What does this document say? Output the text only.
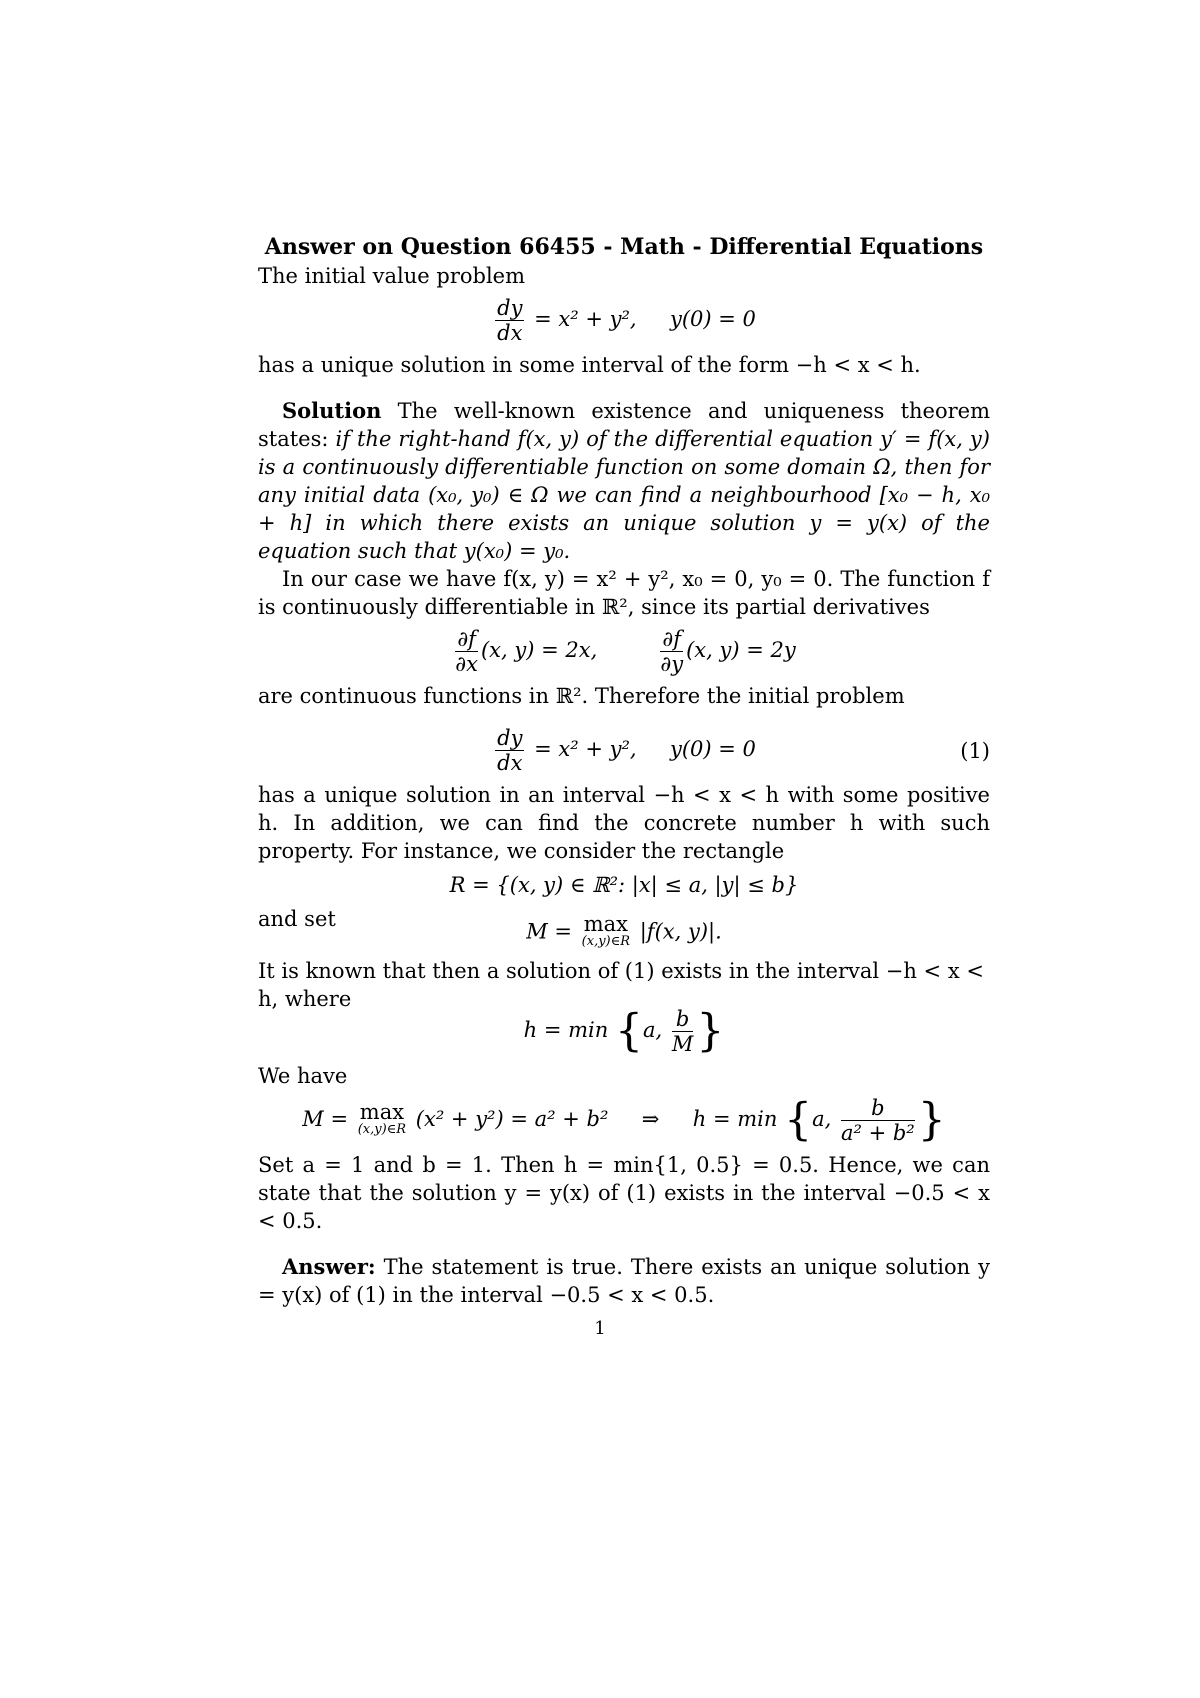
Answer on Question 66455 - Math - Differential Equations

The initial value problem

$\frac{dy}{dx} = x^2 + y^2$, y(0) = 0

has a unique solution in some interval of the form −h < x < h.

Solution The well-known existence and uniqueness theorem states: if the right-hand f(x, y) of the differential equation y′ = f(x, y) is a continuously differentiable function on some domain Ω, then for any initial data (x₀, y₀) ∈ Ω we can find a neighbourhood [x₀ − h, x₀ + h] in which there exists an unique solution y = y(x) of the equation such that y(x₀) = y₀.

In our case we have f(x, y) = x² + y², x₀ = 0, y₀ = 0. The function f is continuously differentiable in ℝ², since its partial derivatives

$\frac{\partial f}{\partial x} (x$, y) = 2x,	$\frac{\partial f}{\partial y} (x$, y) = 2y

are continuous functions in ℝ². Therefore the initial problem

$\frac{dy}{dx} = x^2 + y^2$, y(0) = 0	(1)

has a unique solution in an interval −h < x < h with some positive h. In addition, we can find the concrete number h with such property. For instance, we consider the rectangle

R = {(x, y) ∈ ℝ²: |x| ≤ a, |y| ≤ b}

and set

M = max
(x,y)∈R |f(x, y)|.

It is known that then a solution of (1) exists in the interval −h < x < h, where

h = min {a, $\frac{b}{M}$ }

We have

M = max
(x,y)∈R (x² + y²) = a² + b² ⇒ h = min {a, $\frac{b}{\text{a² + b²}}$ }

Set a = 1 and b = 1. Then h = min{1, 0.5} = 0.5. Hence, we can state that the solution y = y(x) of (1) exists in the interval −0.5 < x < 0.5.

Answer: The statement is true. There exists an unique solution y = y(x) of (1) in the interval −0.5 < x < 0.5.

1
